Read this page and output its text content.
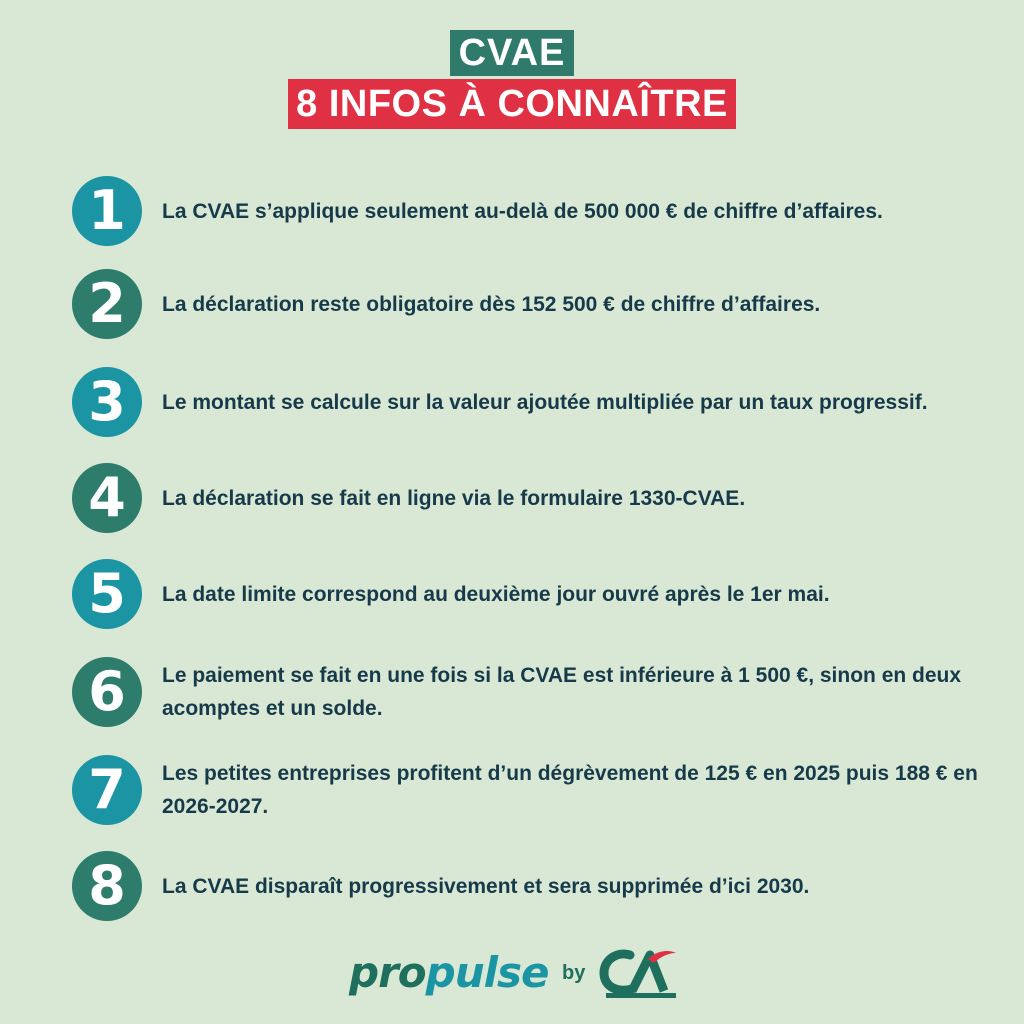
CVAE
8 INFOS À CONNAÎTRE
1	La CVAE s’applique seulement au-delà de 500 000 € de chiffre d’affaires.
2	La déclaration reste obligatoire dès 152 500 € de chiffre d’affaires.
3	Le montant se calcule sur la valeur ajoutée multipliée par un taux progressif.
4	La déclaration se fait en ligne via le formulaire 1330-CVAE.
5	La date limite correspond au deuxième jour ouvré après le 1er mai.
6	Le paiement se fait en une fois si la CVAE est inférieure à 1 500 €, sinon en deux acomptes et un solde.
7	Les petites entreprises profitent d’un dégrèvement de 125 € en 2025 puis 188 € en 2026-2027.
8	La CVAE disparaît progressivement et sera supprimée d’ici 2030.
propulse by
